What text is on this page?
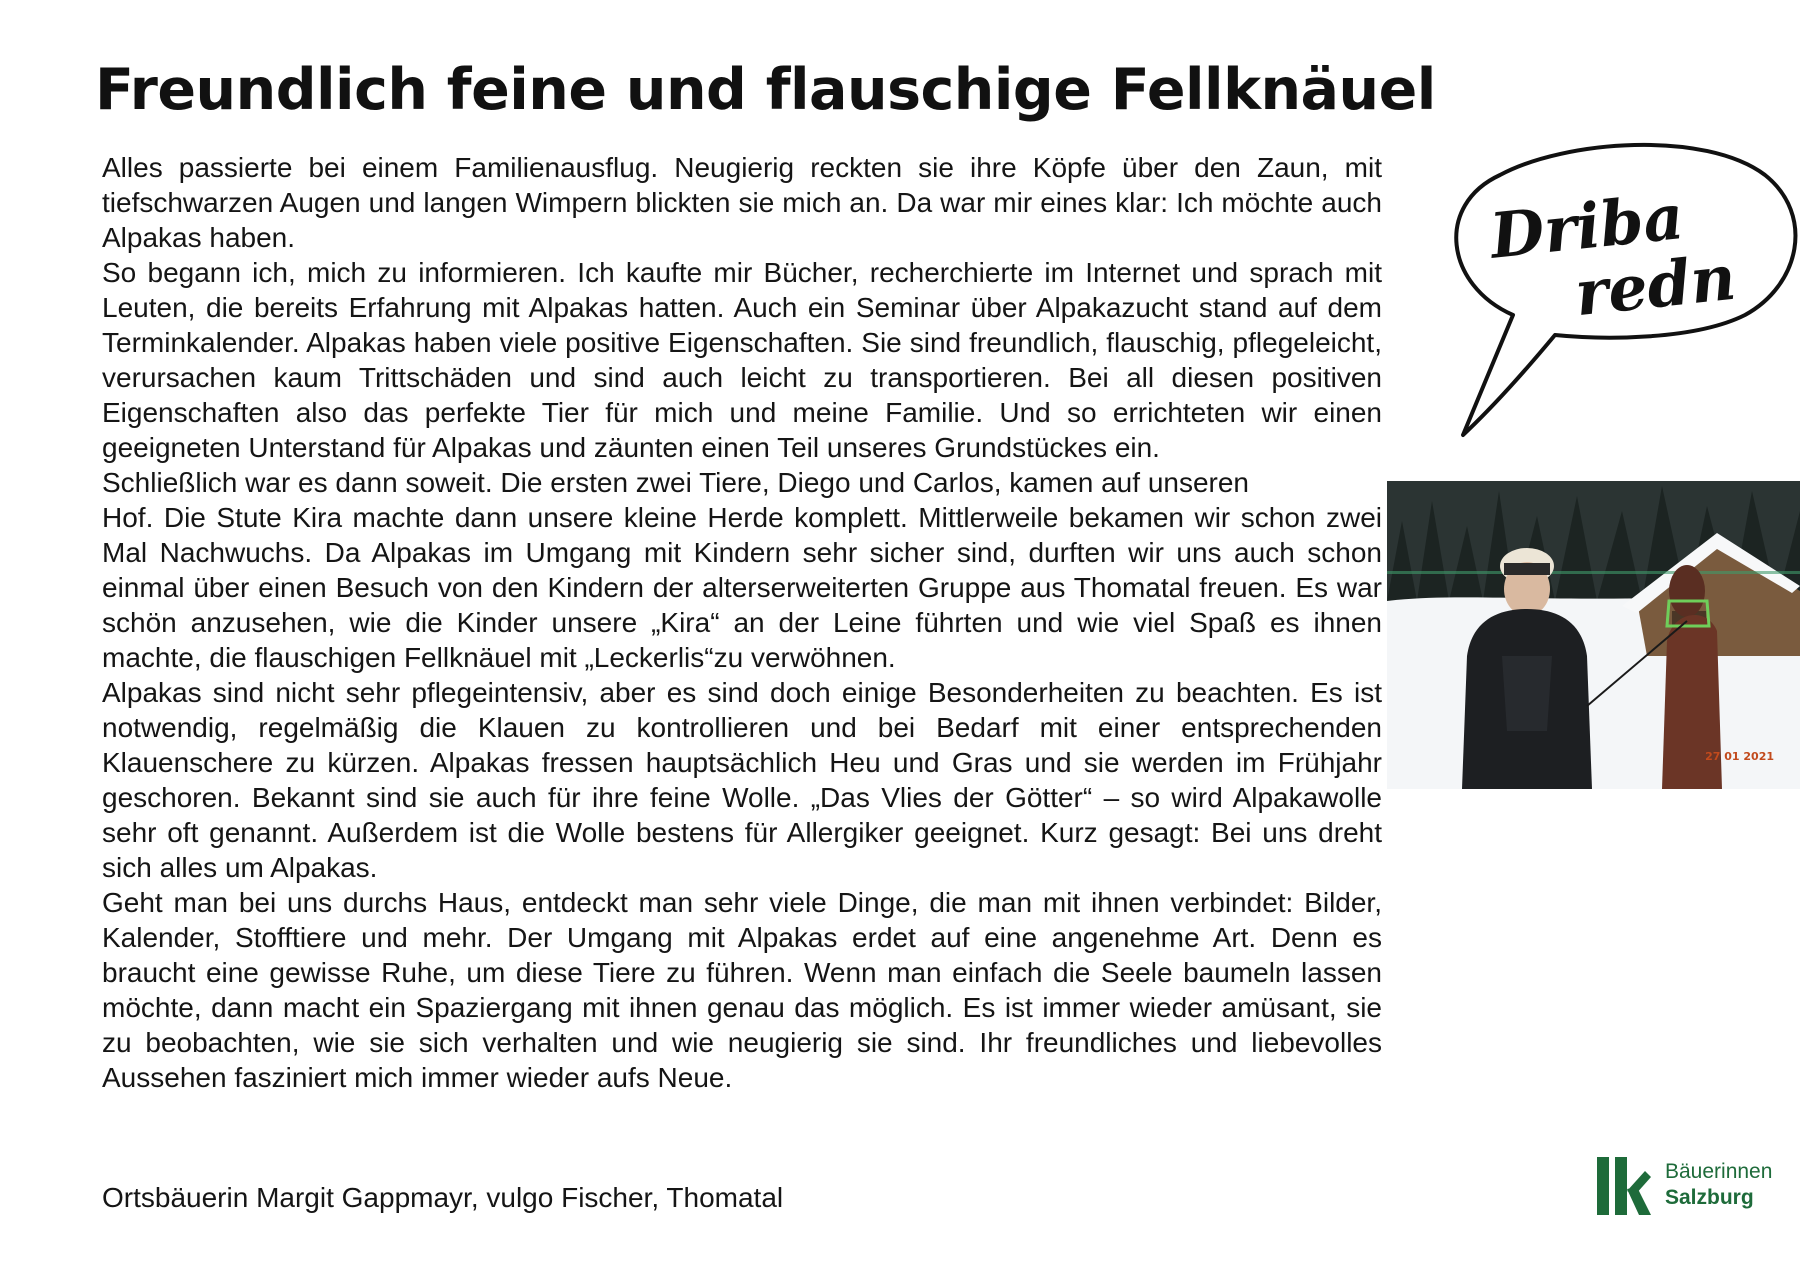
Freundlich feine und flauschige Fellknäuel

Alles passierte bei einem Familienausflug. Neugierig reckten sie ihre Köpfe über den Zaun, mit tiefschwarzen Augen und langen Wimpern blickten sie mich an. Da war mir eines klar: Ich möchte auch Alpakas haben.

So begann ich, mich zu informieren. Ich kaufte mir Bücher, recherchierte im Internet und sprach mit Leuten, die bereits Erfahrung mit Alpakas hatten. Auch ein Seminar über Alpakazucht stand auf dem Terminkalender. Alpakas haben viele positive Eigenschaften. Sie sind freundlich, flauschig, pflegeleicht, verursachen kaum Trittschäden und sind auch leicht zu transportieren. Bei all diesen positiven Eigenschaften also das perfekte Tier für mich und meine Familie. Und so errichteten wir einen geeigneten Unterstand für Alpakas und zäunten einen Teil unseres Grundstückes ein.

Schließlich war es dann soweit. Die ersten zwei Tiere, Diego und Carlos, kamen auf unseren

Hof. Die Stute Kira machte dann unsere kleine Herde komplett. Mittlerweile bekamen wir schon zwei Mal Nachwuchs. Da Alpakas im Umgang mit Kindern sehr sicher sind, durften wir uns auch schon einmal über einen Besuch von den Kindern der alterserweiterten Gruppe aus Thomatal freuen. Es war schön anzusehen, wie die Kinder unsere „Kira“ an der Leine führten und wie viel Spaß es ihnen machte, die flauschigen Fellknäuel mit „Leckerlis“zu verwöhnen.

Alpakas sind nicht sehr pflegeintensiv, aber es sind doch einige Besonderheiten zu beachten. Es ist notwendig, regelmäßig die Klauen zu kontrollieren und bei Bedarf mit einer entsprechenden Klauenschere zu kürzen. Alpakas fressen hauptsächlich Heu und Gras und sie werden im Frühjahr geschoren. Bekannt sind sie auch für ihre feine Wolle. „Das Vlies der Götter“ – so wird Alpakawolle sehr oft genannt. Außerdem ist die Wolle bestens für Allergiker geeignet. Kurz gesagt: Bei uns dreht sich alles um Alpakas.

Geht man bei uns durchs Haus, entdeckt man sehr viele Dinge, die man mit ihnen verbindet: Bilder, Kalender, Stofftiere und mehr. Der Umgang mit Alpakas erdet auf eine angenehme Art. Denn es braucht eine gewisse Ruhe, um diese Tiere zu führen. Wenn man einfach die Seele baumeln lassen möchte, dann macht ein Spaziergang mit ihnen genau das möglich. Es ist immer wieder amüsant, sie zu beobachten, wie sie sich verhalten und wie neugierig sie sind. Ihr freundliches und liebevolles Aussehen fasziniert mich immer wieder aufs Neue.

Ortsbäuerin Margit Gappmayr, vulgo Fischer, Thomatal
Driba
redn
27 01 2021
Bäuerinnen
Salzburg
